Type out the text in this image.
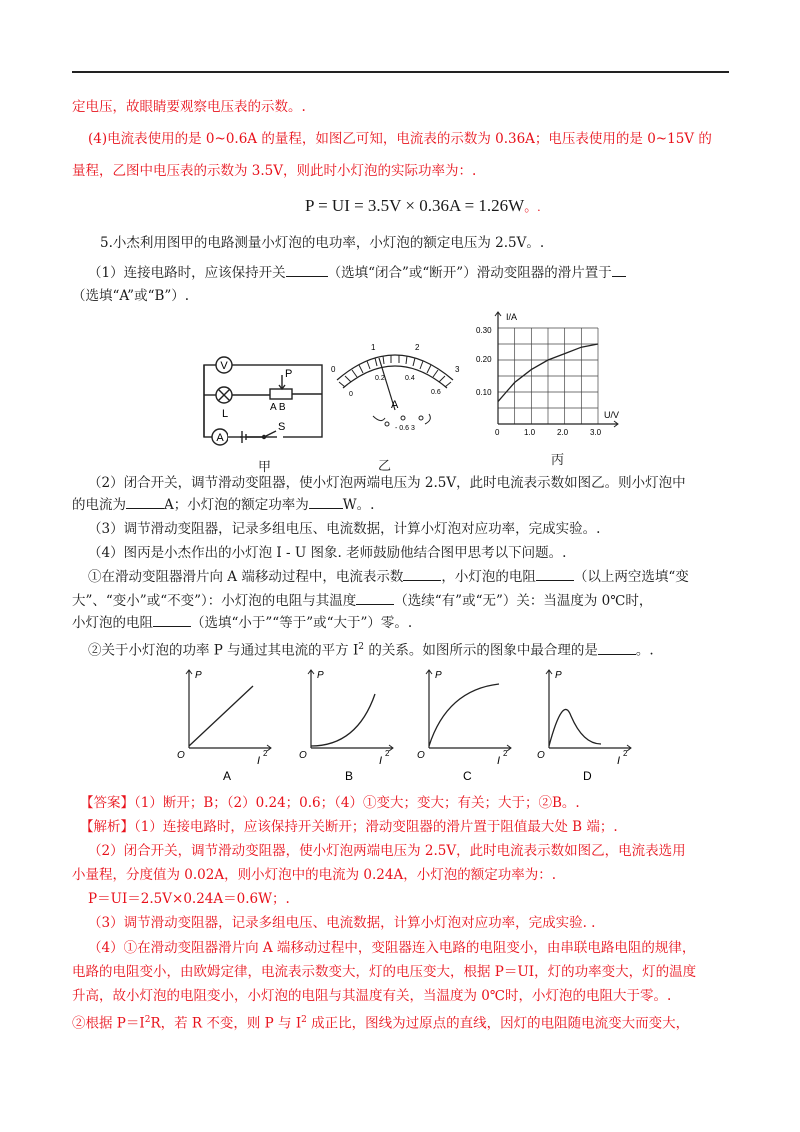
定电压，故眼睛要观察电压表的示数。.
(4)电流表使用的是 0~0.6A 的量程，如图乙可知，电流表的示数为 0.36A；电压表使用的是 0~15V 的
量程，乙图中电压表的示数为 3.5V，则此时小灯泡的实际功率为：.
P = UI = 3.5V × 0.36A = 1.26W。.
5.小杰利用图甲的电路测量小灯泡的电功率，小灯泡的额定电压为 2.5V。.
（1）连接电路时，应该保持开关	（选填“闭合”或“断开”）滑动变阻器的滑片置于
（选填“A”或“B”）.
V
A
L
P
A B
S
甲
0
1	2
3
0
0.2	0.4
0.6
A
- 0.6 3
乙
I/A
U/V
0.30
0.20
0.10
0	1.0	2.0	3.0
丙
（2）闭合开关，调节滑动变阻器，使小灯泡两端电压为 2.5V，此时电流表示数如图乙。则小灯泡中
的电流为	A；小灯泡的额定功率为	W。.
（3）调节滑动变阻器，记录多组电压、电流数据，计算小灯泡对应功率，完成实验。.
（4）图丙是小杰作出的小灯泡 I - U 图象. 老师鼓励他结合图甲思考以下问题。.
①在滑动变阻器滑片向 A 端移动过程中，电流表示数	，小灯泡的电阻	（以上两空选填“变
大”、“变小”或“不变”）：小灯泡的电阻与其温度	（选续“有”或“无”）关：当温度为 0℃时，
小灯泡的电阻	（选填“小于”“等于”或“大于”）零。.
②关于小灯泡的功率 P 与通过其电流的平方 $I^2$ 的关系。如图所示的图象中最合理的是	。.
P
O	I
2
A
P
O	I
2
B
P
O	I
2
C
P
O	I
2
D
【答案】（1）断开；B；（2）0.24；0.6；（4）①变大；变大；有关；大于；②B。.
【解析】（1）连接电路时，应该保持开关断开；滑动变阻器的滑片置于阻值最大处 B 端；.
（2）闭合开关，调节滑动变阻器，使小灯泡两端电压为 2.5V，此时电流表示数如图乙，电流表选用
小量程，分度值为 0.02A，则小灯泡中的电流为 0.24A，小灯泡的额定功率为：.
P＝UI＝2.5V×0.24A＝0.6W；.
（3）调节滑动变阻器，记录多组电压、电流数据，计算小灯泡对应功率，完成实验. .
（4）①在滑动变阻器滑片向 A 端移动过程中，变阻器连入电路的电阻变小，由串联电路电阻的规律，
电路的电阻变小，由欧姆定律，电流表示数变大，灯的电压变大，根据 P＝UI，灯的功率变大，灯的温度
升高，故小灯泡的电阻变小，小灯泡的电阻与其温度有关，当温度为 0℃时，小灯泡的电阻大于零。.
②根据 $P=I^2R$，若 R 不变，则 P 与 $I^2$ 成正比，图线为过原点的直线，因灯的电阻随电流变大而变大，
